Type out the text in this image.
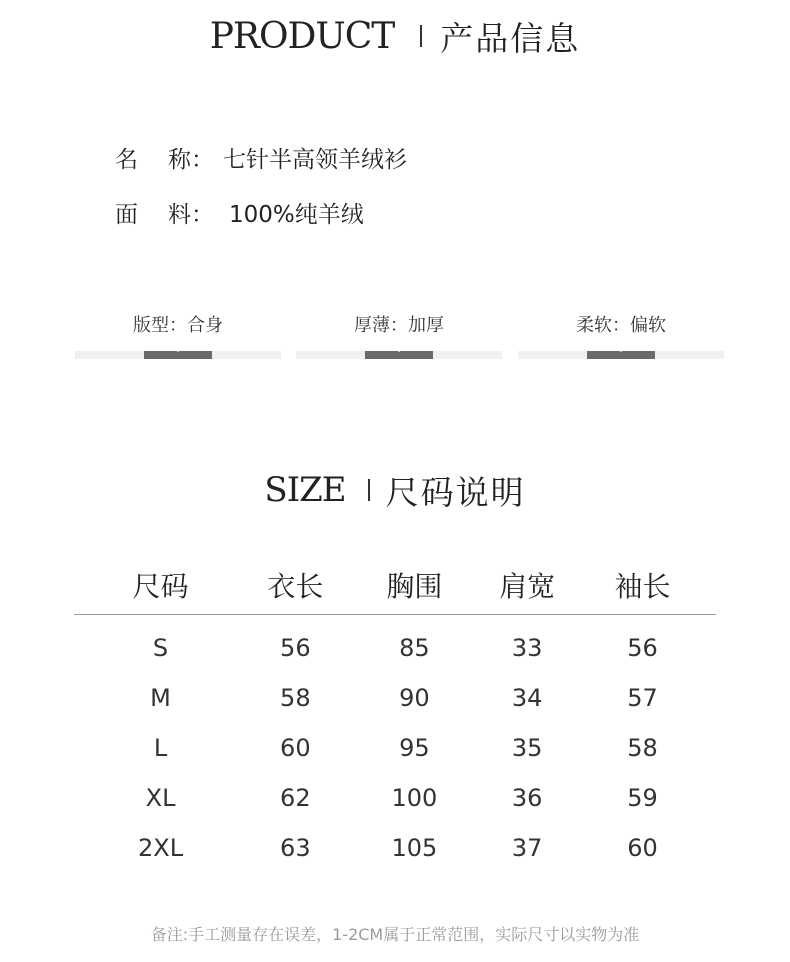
PRODUCT 产品信息
名 称： 七针半高领羊绒衫
面 料： 100%纯羊绒
版型：合身	厚薄：加厚	柔软：偏软
SIZE 尺码说明
尺码	衣长	胸围	肩宽	袖长
S	56	85	33	56
M	58	90	34	57
L	60	95	35	58
XL	62	100	36	59
2XL	63	105	37	60
备注:手工测量存在误差，1-2CM属于正常范围，实际尺寸以实物为准
